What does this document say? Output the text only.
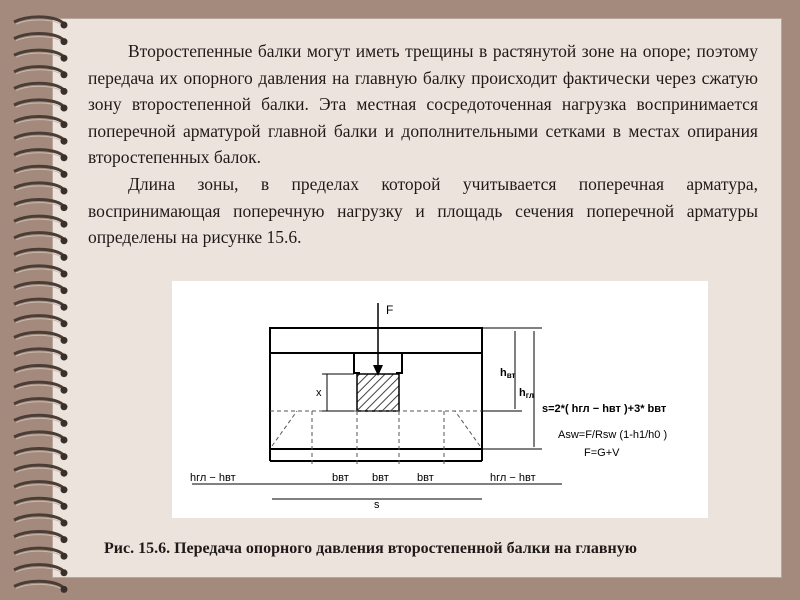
Второстепенные балки могут иметь трещины в растянутой зоне на опоре; поэтому передача их опорного давления на главную балку происходит фактически через сжатую зону второстепенной балки. Эта местная сосредоточенная нагрузка воспринимается поперечной арматурой главной балки и дополнительными сетками в местах опирания второстепенных балок.

Длина зоны, в пределах которой учитывается поперечная арматура, воспринимающая поперечную нагрузку и площадь сечения поперечной арматуры определены на рисунке 15.6.

F
x
hвт
hгл
s=2*( hгл − hвт )+3* bвт
Asw=F/Rsw (1-h1/h0 )
F=G+V
hгл − hвт	bвт bвт	bвт	hгл − hвт
s
Рис. 15.6. Передача опорного давления второстепенной балки на главную
